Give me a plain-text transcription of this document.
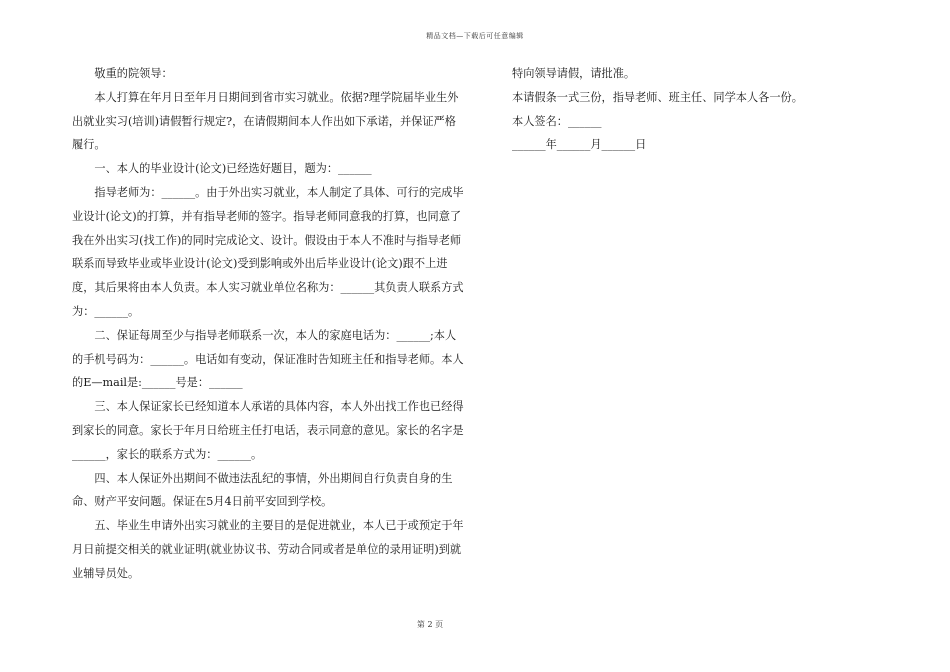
精品文档—下载后可任意编辑

敬重的院领导：

本人打算在年月日至年月日期间到省市实习就业。依据?理学院届毕业生外出就业实习(培训)请假暂行规定?，在请假期间本人作出如下承诺，并保证严格履行。

一、本人的毕业设计(论文)已经选好题目，题为：______

指导老师为：______。由于外出实习就业，本人制定了具体、可行的完成毕业设计(论文)的打算，并有指导老师的签字。指导老师同意我的打算，也同意了我在外出实习(找工作)的同时完成论文、设计。假设由于本人不准时与指导老师联系而导致毕业或毕业设计(论文)受到影响或外出后毕业设计(论文)跟不上进度，其后果将由本人负责。本人实习就业单位名称为：______其负责人联系方式为：______。

二、保证每周至少与指导老师联系一次，本人的家庭电话为：______;本人的手机号码为：______。电话如有变动，保证准时告知班主任和指导老师。本人的E—mail是:______号是：______

三、本人保证家长已经知道本人承诺的具体内容，本人外出找工作也已经得到家长的同意。家长于年月日给班主任打电话，表示同意的意见。家长的名字是______，家长的联系方式为：______。

四、本人保证外出期间不做违法乱纪的事情，外出期间自行负责自身的生命、财产平安问题。保证在5月4日前平安回到学校。

五、毕业生申请外出实习就业的主要目的是促进就业，本人已于或预定于年月日前提交相关的就业证明(就业协议书、劳动合同或者是单位的录用证明)到就业辅导员处。

特向领导请假，请批准。

本请假条一式三份，指导老师、班主任、同学本人各一份。

本人签名：______

______年______月______日

第 2 页
